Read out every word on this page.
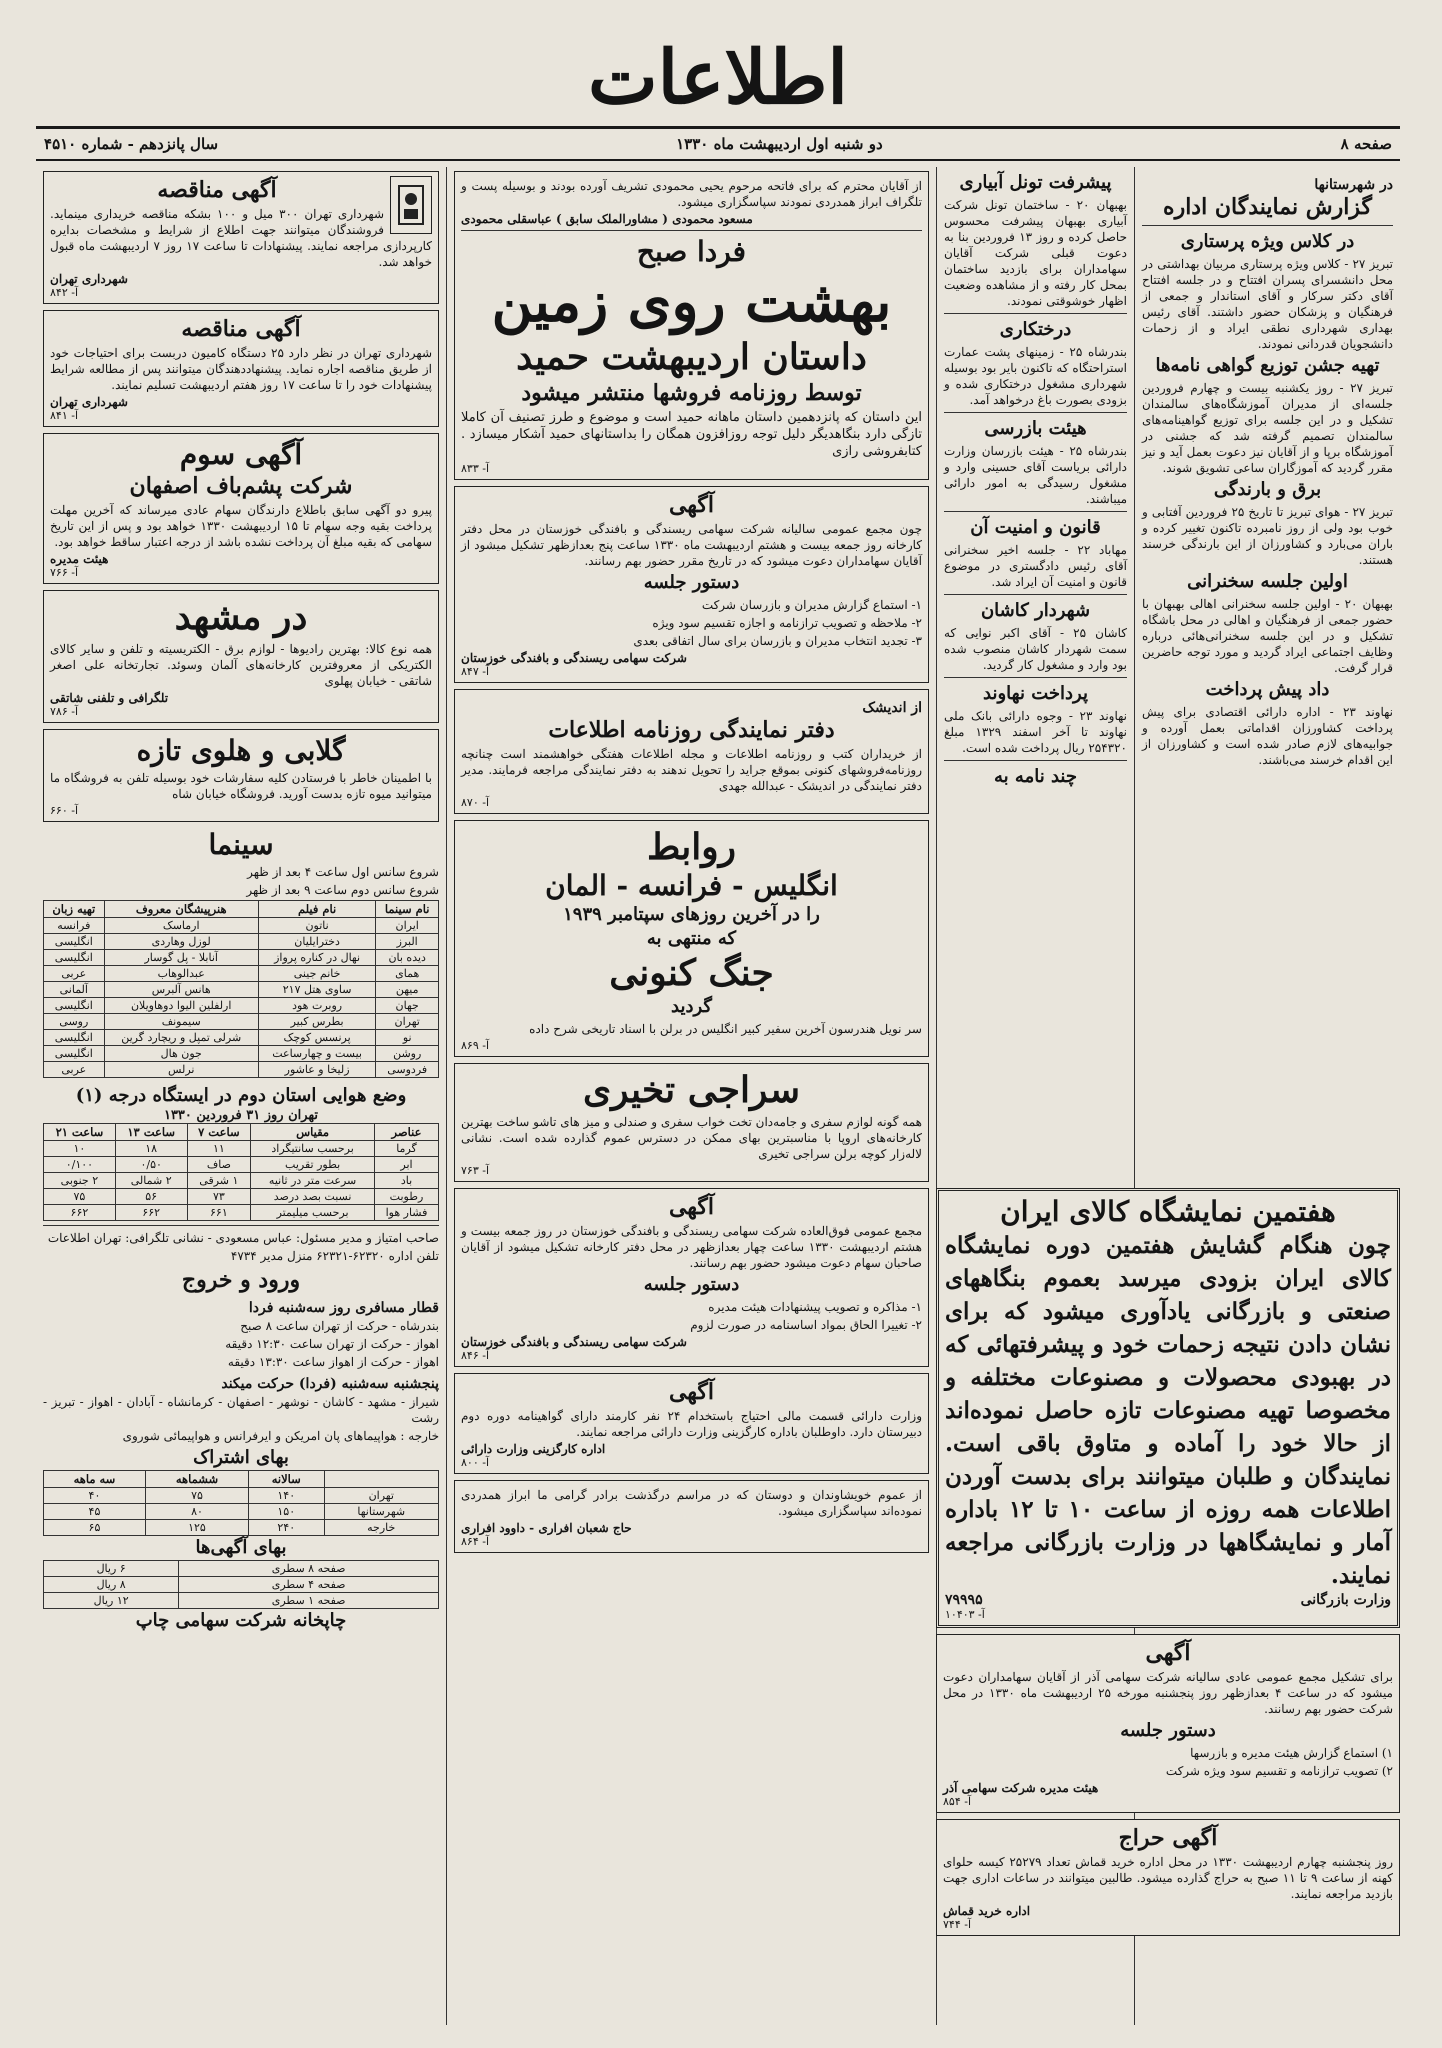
اطلاعات
صفحه ۸
دو شنبه اول اردیبهشت ماه ۱۳۳۰
سال پانزدهم - شماره ۴۵۱۰
در شهرستانها
گزارش نمایندگان اداره
در کلاس ویژه پرستاری
تبریز ۲۷ - کلاس ویژه پرستاری مربیان بهداشتی در محل دانشسرای پسران افتتاح و در جلسه افتتاح آقای دکتر سرکار و آقای استاندار و جمعی از فرهنگیان و پزشکان حضور داشتند. آقای رئیس بهداری شهرداری نطقی ایراد و از زحمات دانشجویان قدردانی نمودند.
تهیه جشن توزیع گواهی نامه‌ها
تبریز ۲۷ - روز یکشنبه بیست و چهارم فروردین جلسه‌ای از مدیران آموزشگاه‌های سالمندان تشکیل و در این جلسه برای توزیع گواهینامه‌های سالمندان تصمیم گرفته شد که جشنی در آموزشگاه برپا و از آقایان نیز دعوت بعمل آید و نیز مقرر گردید که آموزگاران ساعی تشویق شوند.
برق و بارندگی
تبریز ۲۷ - هوای تبریز تا تاریخ ۲۵ فروردین آفتابی و خوب بود ولی از روز نامبرده تاکنون تغییر کرده و باران می‌بارد و کشاورزان از این بارندگی خرسند هستند.
اولین جلسه سخنرانی
بهبهان ۲۰ - اولین جلسه سخنرانی اهالی بهبهان با حضور جمعی از فرهنگیان و اهالی در محل باشگاه تشکیل و در این جلسه سخنرانی‌هائی درباره وظایف اجتماعی ایراد گردید و مورد توجه حاضرین قرار گرفت.
داد پیش پرداخت
نهاوند ۲۳ - اداره دارائی اقتصادی برای پیش پرداخت کشاورزان اقداماتی بعمل آورده و جوابیه‌های لازم صادر شده است و کشاورزان از این اقدام خرسند می‌باشند.
پیشرفت تونل آبیاری
بهبهان ۲۰ - ساختمان تونل شرکت آبیاری بهبهان پیشرفت محسوس حاصل کرده و روز ۱۳ فروردین بنا به دعوت قبلی شرکت آقایان سهامداران برای بازدید ساختمان بمحل کار رفته و از مشاهده وضعیت اظهار خوشوقتی نمودند.
درختکاری
بندرشاه ۲۵ - زمینهای پشت عمارت استراحتگاه که تاکنون بایر بود بوسیله شهرداری مشغول درختکاری شده و بزودی بصورت باغ درخواهد آمد.
هیئت بازرسی
بندرشاه ۲۵ - هیئت بازرسان وزارت دارائی بریاست آقای حسینی وارد و مشغول رسیدگی به امور دارائی میباشند.
قانون و امنیت آن
مهاباد ۲۲ - جلسه اخیر سخنرانی آقای رئیس دادگستری در موضوع قانون و امنیت آن ایراد شد.
شهردار کاشان
کاشان ۲۵ - آقای اکبر نوایی که سمت شهردار کاشان منصوب شده بود وارد و مشغول کار گردید.
پرداخت نهاوند
نهاوند ۲۳ - وجوه دارائی بانک ملی نهاوند تا آخر اسفند ۱۳۲۹ مبلغ ۲۵۴۳۲۰ ریال پرداخت شده است.
چند نامه به
از آقایان محترم که برای فاتحه مرحوم یحیی محمودی تشریف آورده بودند و بوسیله پست و تلگراف ابراز همدردی نمودند سپاسگزاری میشود.
مسعود محمودی ( مشاورالملک سابق ) عباسقلی محمودی
فردا صبح
بهشت روی زمین
داستان اردیبهشت حمید
توسط روزنامه فروشها منتشر میشود
این داستان که پانزدهمین داستان ماهانه حمید است و موضوع و طرز تصنیف آن کاملا تازگی دارد بنگاهدیگر دلیل توجه روزافزون همگان را بداستانهای حمید آشکار میسازد . کتابفروشی رازی
آ- ۸۳۳
آگهی
چون مجمع عمومی سالیانه شرکت سهامی ریسندگی و بافندگی خوزستان در محل دفتر کارخانه روز جمعه بیست و هشتم اردیبهشت ماه ۱۳۳۰ ساعت پنج بعدازظهر تشکیل میشود از آقایان سهامداران دعوت میشود که در تاریخ مقرر حضور بهم رسانند.
دستور جلسه
۱- استماع گزارش مدیران و بازرسان شرکت
۲- ملاحظه و تصویب ترازنامه و اجازه تقسیم سود ویژه
۳- تجدید انتخاب مدیران و بازرسان برای سال اتفاقی بعدی
شرکت سهامی ریسندگی و بافندگی خوزستان
آ- ۸۴۷
از اندیشک
دفتر نمایندگی روزنامه اطلاعات
از خریداران کتب و روزنامه اطلاعات و مجله اطلاعات هفتگی خواهشمند است چنانچه روزنامه‌فروشهای کنونی بموقع جراید را تحویل ندهند به دفتر نمایندگی مراجعه فرمایند. مدیر دفتر نمایندگی در اندیشک - عبدالله جهدی
آ- ۸۷۰
روابط
انگلیس - فرانسه - المان
را در آخرین روزهای سپتامبر ۱۹۳۹
که منتهی به
جنگ کنونی
گردید
سر نویل هندرسون آخرین سفیر کبیر انگلیس در برلن با اسناد تاریخی شرح داده
آ- ۸۶۹
سراجی تخیری
همه گونه لوازم سفری و جامه‌دان تخت خواب سفری و صندلی و میز های تاشو ساخت بهترین کارخانه‌های اروپا با مناسبترین بهای ممکن در دسترس عموم گذارده شده است. نشانی لاله‌زار کوچه برلن سراجی تخیری
آ- ۷۶۳
آگهی
مجمع عمومی فوق‌العاده شرکت سهامی ریسندگی و بافندگی خوزستان در روز جمعه بیست و هشتم اردیبهشت ۱۳۳۰ ساعت چهار بعدازظهر در محل دفتر کارخانه تشکیل میشود از آقایان صاحبان سهام دعوت میشود حضور بهم رسانند.
دستور جلسه
۱- مذاکره و تصویب پیشنهادات هیئت مدیره
۲- تغییرا الحاق بمواد اساسنامه در صورت لزوم
شرکت سهامی ریسندگی و بافندگی خوزستان
آ- ۸۴۶
آگهی
وزارت دارائی قسمت مالی احتیاج باستخدام ۲۴ نفر کارمند دارای گواهینامه دوره دوم دبیرستان دارد. داوطلبان باداره کارگزینی وزارت دارائی مراجعه نمایند.
اداره کارگزینی وزارت دارائی
آ- ۸۰۰
از عموم خویشاوندان و دوستان که در مراسم درگذشت برادر گرامی ما ابراز همدردی نموده‌اند سپاسگزاری میشود.
حاج شعبان افراری - داوود افراری
آ- ۸۶۴
آگهی مناقصه
شهرداری تهران ۳۰۰ میل و ۱۰۰ بشکه مناقصه خریداری مینماید. فروشندگان میتوانند جهت اطلاع از شرایط و مشخصات بدایره کارپردازی مراجعه نمایند. پیشنهادات تا ساعت ۱۷ روز ۷ اردیبهشت ماه قبول خواهد شد.
شهرداری تهران
آ- ۸۴۲
آگهی مناقصه
شهرداری تهران در نظر دارد ۲۵ دستگاه کامیون دربست برای احتیاجات خود از طریق مناقصه اجاره نماید. پیشنهاددهندگان میتوانند پس از مطالعه شرایط پیشنهادات خود را تا ساعت ۱۷ روز هفتم اردیبهشت تسلیم نمایند.
شهرداری تهران
آ- ۸۴۱
آگهی سوم
شرکت پشم‌باف اصفهان
پیرو دو آگهی سابق باطلاع دارندگان سهام عادی میرساند که آخرین مهلت پرداخت بقیه وجه سهام تا ۱۵ اردیبهشت ۱۳۳۰ خواهد بود و پس از این تاریخ سهامی که بقیه مبلغ آن پرداخت نشده باشد از درجه اعتبار ساقط خواهد بود.
هیئت مدیره
آ- ۷۶۶
در مشهد
همه نوع کالا: بهترین رادیوها - لوازم برق - الکتریسیته و تلفن و سایر کالای الکتریکی از معروفترین کارخانه‌های آلمان وسوئد. تجارتخانه علی اصغر شاتقی - خیابان پهلوی
تلگرافی و تلفنی شاتقی
آ- ۷۸۶
گلابی و هلوی تازه
با اطمینان خاطر با فرستادن کلیه سفارشات خود بوسیله تلفن به فروشگاه ما میتوانید میوه تازه بدست آورید. فروشگاه خیابان شاه
آ- ۶۶۰
سینما
شروع سانس اول ساعت ۴ بعد از ظهر
شروع سانس دوم ساعت ۹ بعد از ظهر
نام سینما	نام فیلم	هنرپیشگان معروف	تهیه زبان
ایران	ناتون	ارماسک	فرانسه
البرز	دخترایلیان	لوزل وهاردی	انگلیسی
دیده بان	نهال در کناره پرواز	آنابلا - پل گوسار	انگلیسی
همای	خانم جینی	عبدالوهاب	عربی
میهن	ساوی هتل ۲۱۷	هانس آلبرس	آلمانی
جهان	روبرت هود	ارلفلین الیوا دوهاویلان	انگلیسی
تهران	بطرس کبیر	سیمونف	روسی
نو	پرنسس کوچک	شرلی تمپل و ریچارد گرین	انگلیسی
روشن	بیست و چهارساعت	جون هال	انگلیسی
فردوسی	زلیخا و عاشور	نرلس	عربی
وضع هوایی استان دوم در ایستگاه درجه (۱)
تهران روز ۳۱ فروردین ۱۳۳۰
عناصر	مقیاس	ساعت ۷	ساعت ۱۳	ساعت ۲۱
گرما	برحسب سانتیگراد	۱۱	۱۸	۱۰
ابر	بطور تقریب	صاف	۰/۵۰	۰/۱۰۰
باد	سرعت متر در ثانیه	۱ شرقی	۲ شمالی	۲ جنوبی
رطوبت	نسبت بصد درصد	۷۳	۵۶	۷۵
فشار هوا	برحسب میلیمتر	۶۶۱	۶۶۲	۶۶۲
صاحب امتیاز و مدیر مسئول: عباس مسعودی - نشانی تلگرافی: تهران اطلاعات
تلفن اداره ۶۲۳۲۰-۶۲۳۲۱ منزل مدیر ۴۷۳۴
ورود و خروج
قطار مسافری روز سه‌شنبه فردا
بندرشاه - حرکت از تهران ساعت ۸ صبح
اهواز - حرکت از تهران ساعت ۱۲:۳۰ دقیقه
اهواز - حرکت از اهواز ساعت ۱۳:۳۰ دقیقه
پنجشنبه سه‌شنبه (فردا) حرکت میکند
شیراز - مشهد - کاشان - نوشهر - اصفهان - کرمانشاه - آبادان - اهواز - تبریز - رشت
خارجه : هواپیماهای پان امریکن و ایرفرانس و هواپیمائی شوروی
بهای اشتراک
	سالانه	ششماهه	سه ماهه
تهران	۱۴۰	۷۵	۴۰
شهرستانها	۱۵۰	۸۰	۴۵
خارجه	۲۴۰	۱۲۵	۶۵
بهای آگهی‌ها
صفحه ۸ سطری	۶ ریال
صفحه ۴ سطری	۸ ریال
صفحه ۱ سطری	۱۲ ریال
چاپخانه شرکت سهامی چاپ
هفتمین نمایشگاه کالای ایران
چون هنگام گشایش هفتمین دوره نمایشگاه کالای ایران بزودی میرسد بعموم بنگاههای صنعتی و بازرگانی یادآوری میشود که برای نشان دادن نتیجه زحمات خود و پیشرفتهائی که در بهبودی محصولات و مصنوعات مختلفه و مخصوصا تهیه مصنوعات تازه حاصل نموده‌اند از حالا خود را آماده و متاوق باقی است. نمایندگان و طلبان میتوانند برای بدست آوردن اطلاعات همه روزه از ساعت ۱۰ تا ۱۲ باداره آمار و نمایشگاهها در وزارت بازرگانی مراجعه نمایند.
وزارت بازرگانی
۷۹۹۹۵
آ- ۱۰۴۰۳
آگهی
برای تشکیل مجمع عمومی عادی سالیانه شرکت سهامی آذر از آقایان سهامداران دعوت میشود که در ساعت ۴ بعدازظهر روز پنجشنبه مورخه ۲۵ اردیبهشت ماه ۱۳۳۰ در محل شرکت حضور بهم رسانند.
دستور جلسه
۱) استماع گزارش هیئت مدیره و بازرسها
۲) تصویب ترازنامه و تقسیم سود ویژه شرکت
هیئت مدیره شرکت سهامی آذر
آ- ۸۵۴
آگهی حراج
روز پنجشنبه چهارم اردیبهشت ۱۳۳۰ در محل اداره خرید قماش تعداد ۲۵۲۷۹ کیسه حلوای کهنه از ساعت ۹ تا ۱۱ صبح به حراج گذارده میشود. طالبین میتوانند در ساعات اداری جهت بازدید مراجعه نمایند.
اداره خرید قماش
آ- ۷۴۴
